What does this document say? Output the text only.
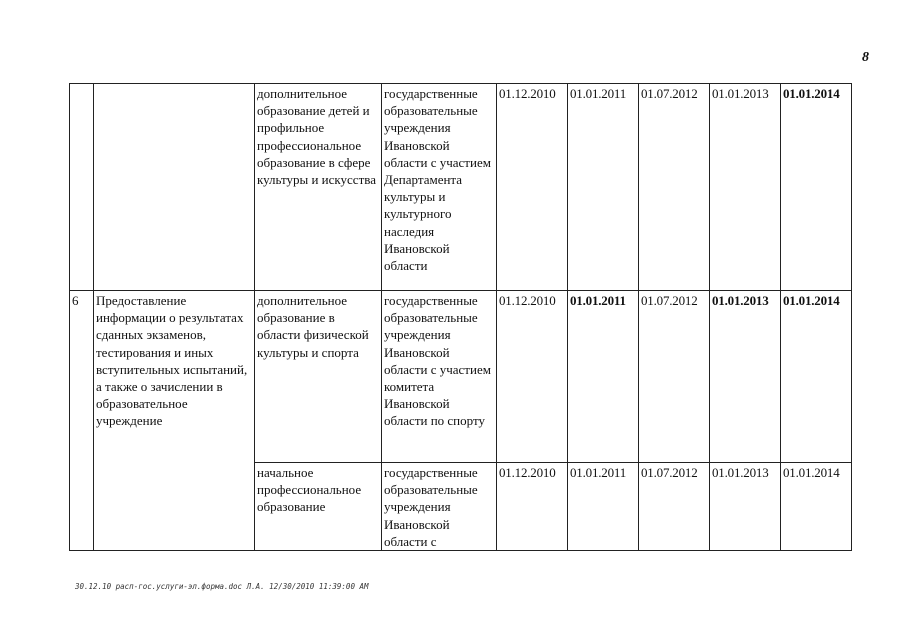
8
		дополнительное образование детей и профильное профессиональное образование в сфере культуры и искусства	государственные образовательные учреждения Ивановской области с участием Департамента культуры и культурного наследия Ивановской области	01.12.2010	01.01.2011	01.07.2012	01.01.2013	01.01.2014
6	Предоставление информации о результатах сданных экзаменов, тестирования и иных вступительных испытаний, а также о зачислении в образовательное учреждение	дополнительное образование в области физической культуры и спорта	государственные образовательные учреждения Ивановской области с участием комитета Ивановской области по спорту	01.12.2010	01.01.2011	01.07.2012	01.01.2013	01.01.2014
		начальное профессиональное образование	государственные образовательные учреждения Ивановской области с	01.12.2010	01.01.2011	01.07.2012	01.01.2013	01.01.2014
30.12.10 расп-гос.услуги-эл.форма.doc Л.А. 12/30/2010 11:39:00 AM
